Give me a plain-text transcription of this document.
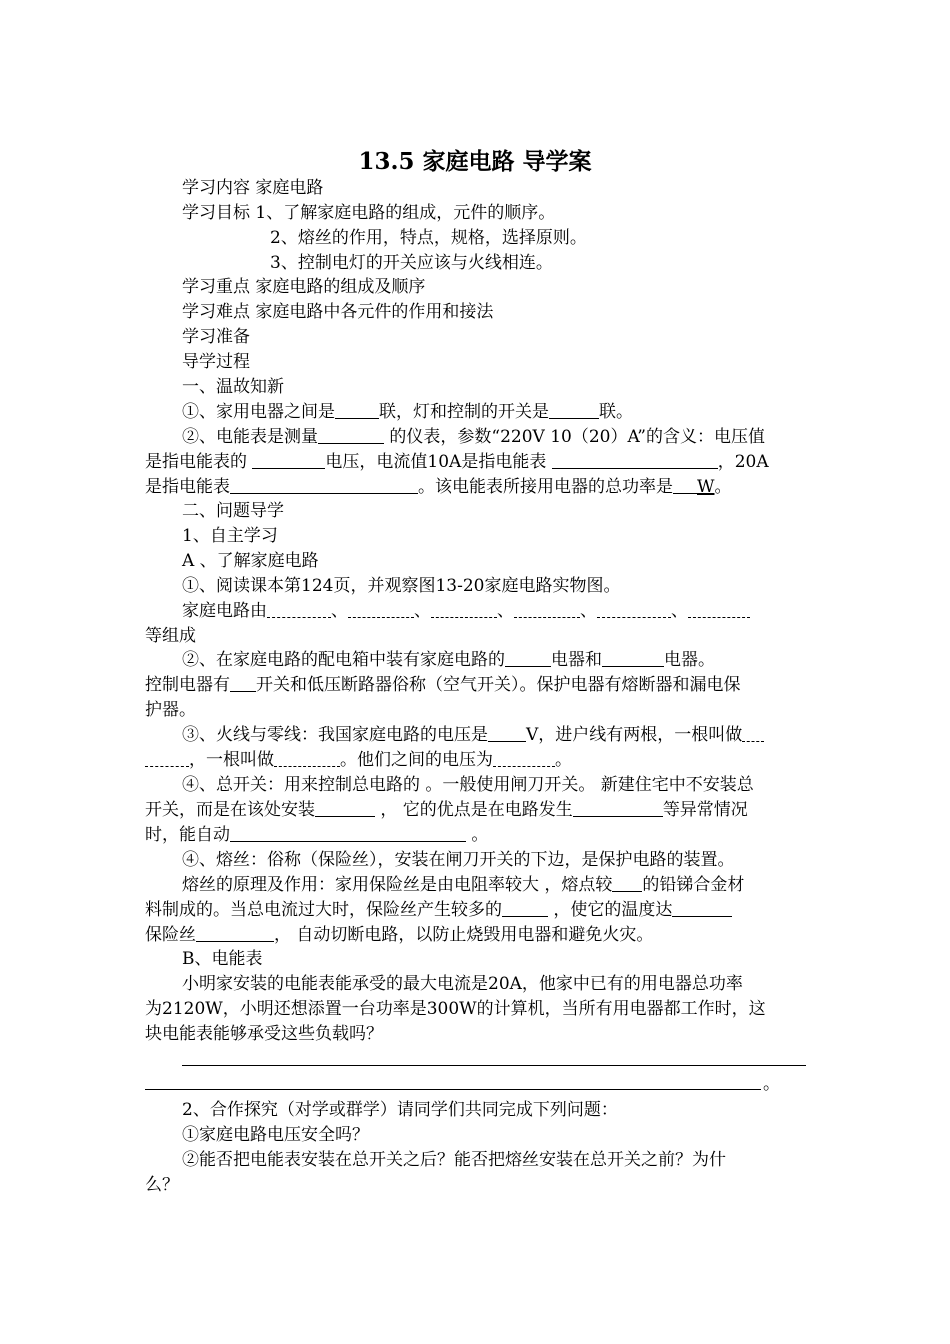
13.5 家庭电路 导学案
学习内容 家庭电路
学习目标 1、了解家庭电路的组成，元件的顺序。
2、熔丝的作用，特点，规格，选择原则。
3、控制电灯的开关应该与火线相连。
学习重点 家庭电路的组成及顺序
学习难点 家庭电路中各元件的作用和接法
学习准备
导学过程
一、温故知新
①、家用电器之间是	联，灯和控制的开关是	联。
②、电能表是测量	的仪表，参数“220V 10（20）A”的含义：电压值
是指电能表的	电压，电流值10A是指电能表	，20A
是指电能表	。该电能表所接用电器的总功率是 W。
二、问题导学
1、自主学习
A 、了解家庭电路
①、阅读课本第124页，并观察图13-20家庭电路实物图。
家庭电路由	、	、	、	、	、
等组成
②、在家庭电路的配电箱中装有家庭电路的	电器和	电器。
控制电器有 开关和低压断路器俗称（空气开关）。保护电器有熔断器和漏电保
护器。
③、火线与零线：我国家庭电路的电压是 V，进户线有两根，一根叫做
，一根叫做	。他们之间的电压为	。
④、总开关：用来控制总电路的 。一般使用闸刀开关。 新建住宅中不安装总
开关，而是在该处安装	， 它的优点是在电路发生	等异常情况
时，能自动	。
④、熔丝：俗称（保险丝），安装在闸刀开关的下边，是保护电路的装置。
熔丝的原理及作用：家用保险丝是由电阻率较大 ，熔点较 的铅锑合金材
料制成的。当总电流过大时，保险丝产生较多的	，使它的温度达
保险丝	， 自动切断电路，以防止烧毁用电器和避免火灾。
B、电能表
小明家安装的电能表能承受的最大电流是20A，他家中已有的用电器总功率
为2120W，小明还想添置一台功率是300W的计算机，当所有用电器都工作时，这
块电能表能够承受这些负载吗？
。
2、合作探究（对学或群学）请同学们共同完成下列问题：
①家庭电路电压安全吗？
②能否把电能表安装在总开关之后？能否把熔丝安装在总开关之前？为什
么？
